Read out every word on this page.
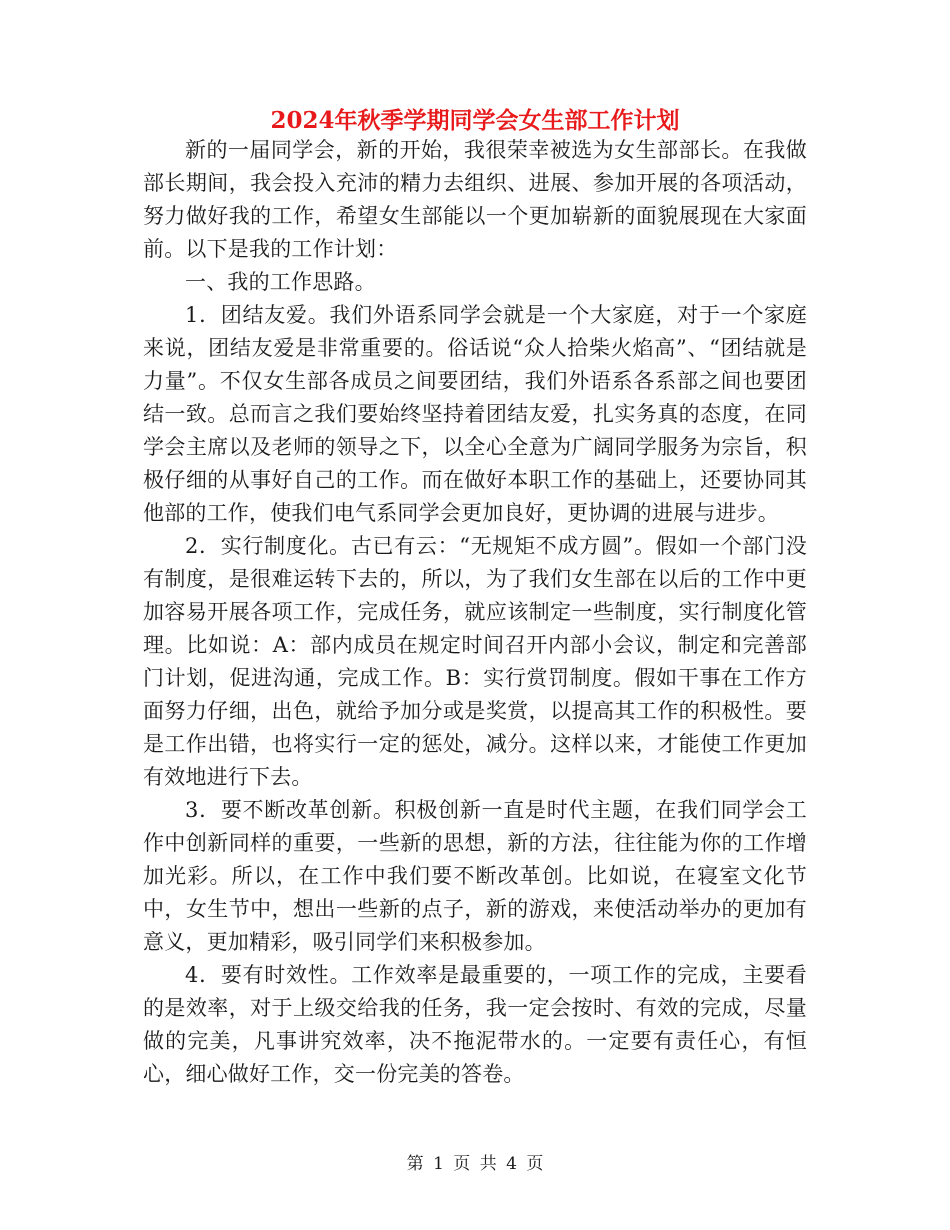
2024年秋季学期同学会女生部工作计划

新的一届同学会，新的开始，我很荣幸被选为女生部部长。在我做部长期间，我会投入充沛的精力去组织、进展、参加开展的各项活动，努力做好我的工作，希望女生部能以一个更加崭新的面貌展现在大家面前。以下是我的工作计划：

一、我的工作思路。

1．团结友爱。我们外语系同学会就是一个大家庭，对于一个家庭来说，团结友爱是非常重要的。俗话说“众人拾柴火焰高”、“团结就是力量”。不仅女生部各成员之间要团结，我们外语系各系部之间也要团结一致。总而言之我们要始终坚持着团结友爱，扎实务真的态度，在同学会主席以及老师的领导之下，以全心全意为广阔同学服务为宗旨，积极仔细的从事好自己的工作。而在做好本职工作的基础上，还要协同其他部的工作，使我们电气系同学会更加良好，更协调的进展与进步。

2．实行制度化。古已有云：“无规矩不成方圆”。假如一个部门没有制度，是很难运转下去的，所以，为了我们女生部在以后的工作中更加容易开展各项工作，完成任务，就应该制定一些制度，实行制度化管理。比如说：A：部内成员在规定时间召开内部小会议，制定和完善部门计划，促进沟通，完成工作。B：实行赏罚制度。假如干事在工作方面努力仔细，出色，就给予加分或是奖赏，以提高其工作的积极性。要是工作出错，也将实行一定的惩处，减分。这样以来，才能使工作更加有效地进行下去。

3．要不断改革创新。积极创新一直是时代主题，在我们同学会工作中创新同样的重要，一些新的思想，新的方法，往往能为你的工作增加光彩。所以，在工作中我们要不断改革创。比如说，在寝室文化节中，女生节中，想出一些新的点子，新的游戏，来使活动举办的更加有意义，更加精彩，吸引同学们来积极参加。

4．要有时效性。工作效率是最重要的，一项工作的完成，主要看的是效率，对于上级交给我的任务，我一定会按时、有效的完成，尽量做的完美，凡事讲究效率，决不拖泥带水的。一定要有责任心，有恒心，细心做好工作，交一份完美的答卷。

第 1 页 共 4 页
